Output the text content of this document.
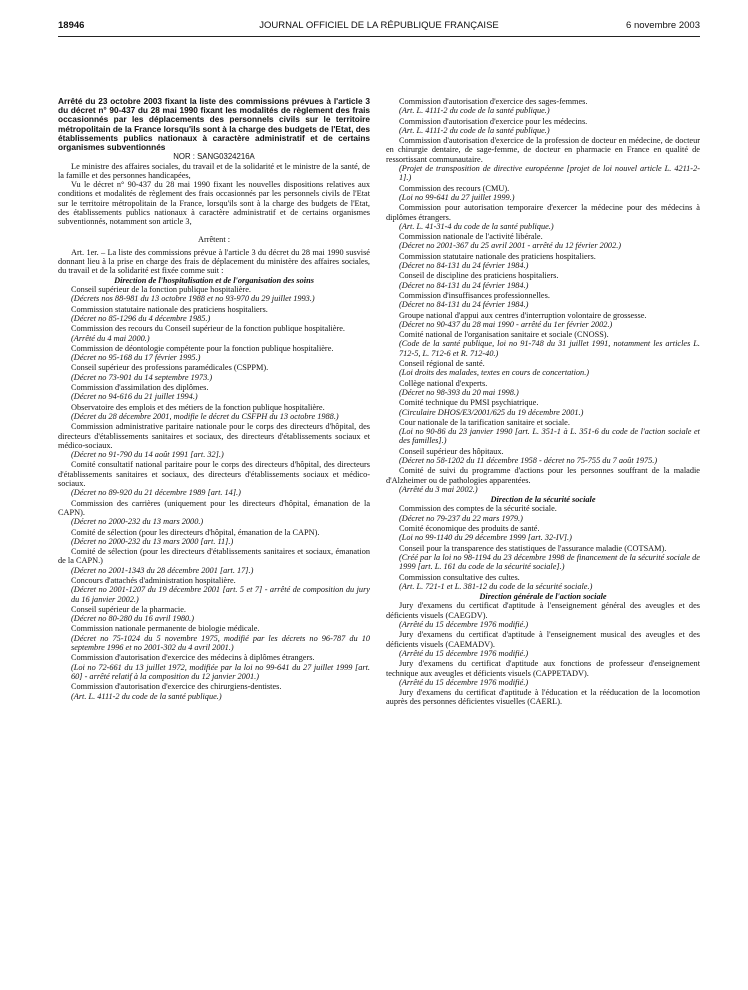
18946	JOURNAL OFFICIEL DE LA RÉPUBLIQUE FRANÇAISE	6 novembre 2003

Arrêté du 23 octobre 2003 fixant la liste des commissions prévues à l'article 3 du décret n° 90-437 du 28 mai 1990 fixant les modalités de règlement des frais occasionnés par les déplacements des personnels civils sur le territoire métropolitain de la France lorsqu'ils sont à la charge des budgets de l'Etat, des établissements publics nationaux à caractère administratif et de certains organismes subventionnés

NOR : SANG0324216A

Le ministre des affaires sociales, du travail et de la solidarité et le ministre de la santé, de la famille et des personnes handicapées,

Vu le décret n° 90-437 du 28 mai 1990 fixant les nouvelles dispositions relatives aux conditions et modalités de règlement des frais occasionnés par les personnels civils de l'Etat sur le territoire métropolitain de la France, lorsqu'ils sont à la charge des budgets de l'Etat, des établissements publics nationaux à caractère administratif et de certains organismes subventionnés, notamment son article 3,

Arrêtent :

Art. 1er. – La liste des commissions prévue à l'article 3 du décret du 28 mai 1990 susvisé donnant lieu à la prise en charge des frais de déplacement du ministère des affaires sociales, du travail et de la solidarité est fixée comme suit :

Direction de l'hospitalisation et de l'organisation des soins

Conseil supérieur de la fonction publique hospitalière.

(Décrets nos 88-981 du 13 octobre 1988 et no 93-970 du 29 juillet 1993.)

Commission statutaire nationale des praticiens hospitaliers.

(Décret no 85-1296 du 4 décembre 1985.)

Commission des recours du Conseil supérieur de la fonction publique hospitalière.

(Arrêté du 4 mai 2000.)

Commission de déontologie compétente pour la fonction publique hospitalière.

(Décret no 95-168 du 17 février 1995.)

Conseil supérieur des professions paramédicales (CSPPM).

(Décret no 73-901 du 14 septembre 1973.)

Commission d'assimilation des diplômes.

(Décret no 94-616 du 21 juillet 1994.)

Observatoire des emplois et des métiers de la fonction publique hospitalière.

(Décret du 28 décembre 2001, modifie le décret du CSFPH du 13 octobre 1988.)

Commission administrative paritaire nationale pour le corps des directeurs d'hôpital, des directeurs d'établissements sanitaires et sociaux, des directeurs d'établissements sociaux et médico-sociaux.

(Décret no 91-790 du 14 août 1991 [art. 32].)

Comité consultatif national paritaire pour le corps des directeurs d'hôpital, des directeurs d'établissements sanitaires et sociaux, des directeurs d'établissements sociaux et médico-sociaux.

(Décret no 89-920 du 21 décembre 1989 [art. 14].)

Commission des carrières (uniquement pour les directeurs d'hôpital, émanation de la CAPN).

(Décret no 2000-232 du 13 mars 2000.)

Comité de sélection (pour les directeurs d'hôpital, émanation de la CAPN).

(Décret no 2000-232 du 13 mars 2000 [art. 11].)

Comité de sélection (pour les directeurs d'établissements sanitaires et sociaux, émanation de la CAPN.)

(Décret no 2001-1343 du 28 décembre 2001 [art. 17].)

Concours d'attachés d'administration hospitalière.

(Décret no 2001-1207 du 19 décembre 2001 [art. 5 et 7] - arrêté de composition du jury du 16 janvier 2002.)

Conseil supérieur de la pharmacie.

(Décret no 80-280 du 16 avril 1980.)

Commission nationale permanente de biologie médicale.

(Décret no 75-1024 du 5 novembre 1975, modifié par les décrets no 96-787 du 10 septembre 1996 et no 2001-302 du 4 avril 2001.)

Commission d'autorisation d'exercice des médecins à diplômes étrangers.

(Loi no 72-661 du 13 juillet 1972, modifiée par la loi no 99-641 du 27 juillet 1999 [art. 60] - arrêté relatif à la composition du 12 janvier 2001.)

Commission d'autorisation d'exercice des chirurgiens-dentistes.

(Art. L. 4111-2 du code de la santé publique.)

Commission d'autorisation d'exercice des sages-femmes.

(Art. L. 4111-2 du code de la santé publique.)

Commission d'autorisation d'exercice pour les médecins.

(Art. L. 4111-2 du code de la santé publique.)

Commission d'autorisation d'exercice de la profession de docteur en médecine, de docteur en chirurgie dentaire, de sage-femme, de docteur en pharmacie en France en qualité de ressortissant communautaire.

(Projet de transposition de directive européenne [projet de loi nouvel article L. 4211-2-1].)

Commission des recours (CMU).

(Loi no 99-641 du 27 juillet 1999.)

Commission pour autorisation temporaire d'exercer la médecine pour des médecins à diplômes étrangers.

(Art. L. 41-31-4 du code de la santé publique.)

Commission nationale de l'activité libérale.

(Décret no 2001-367 du 25 avril 2001 - arrêté du 12 février 2002.)

Commission statutaire nationale des praticiens hospitaliers.

(Décret no 84-131 du 24 février 1984.)

Conseil de discipline des praticiens hospitaliers.

(Décret no 84-131 du 24 février 1984.)

Commission d'insuffisances professionnelles.

(Décret no 84-131 du 24 février 1984.)

Groupe national d'appui aux centres d'interruption volontaire de grossesse.

(Décret no 90-437 du 28 mai 1990 - arrêté du 1er février 2002.)

Comité national de l'organisation sanitaire et sociale (CNOSS).

(Code de la santé publique, loi no 91-748 du 31 juillet 1991, notamment les articles L. 712-5, L. 712-6 et R. 712-40.)

Conseil régional de santé.

(Loi droits des malades, textes en cours de concertation.)

Collège national d'experts.

(Décret no 98-393 du 20 mai 1998.)

Comité technique du PMSI psychiatrique.

(Circulaire DHOS/E3/2001/625 du 19 décembre 2001.)

Cour nationale de la tarification sanitaire et sociale.

(Loi no 90-86 du 23 janvier 1990 [art. L. 351-1 à L. 351-6 du code de l'action sociale et des familles].)

Conseil supérieur des hôpitaux.

(Décret no 58-1202 du 11 décembre 1958 - décret no 75-755 du 7 août 1975.)

Comité de suivi du programme d'actions pour les personnes souffrant de la maladie d'Alzheimer ou de pathologies apparentées.

(Arrêté du 3 mai 2002.)

Direction de la sécurité sociale

Commission des comptes de la sécurité sociale.

(Décret no 79-237 du 22 mars 1979.)

Comité économique des produits de santé.

(Loi no 99-1140 du 29 décembre 1999 [art. 32-IV].)

Conseil pour la transparence des statistiques de l'assurance maladie (COTSAM).

(Créé par la loi no 98-1194 du 23 décembre 1998 de financement de la sécurité sociale de 1999 [art. L. 161 du code de la sécurité sociale].)

Commission consultative des cultes.

(Art. L. 721-1 et L. 381-12 du code de la sécurité sociale.)

Direction générale de l'action sociale

Jury d'examens du certificat d'aptitude à l'enseignement général des aveugles et des déficients visuels (CAEGDV).

(Arrêté du 15 décembre 1976 modifié.)

Jury d'examens du certificat d'aptitude à l'enseignement musical des aveugles et des déficients visuels (CAEMADV).

(Arrêté du 15 décembre 1976 modifié.)

Jury d'examens du certificat d'aptitude aux fonctions de professeur d'enseignement technique aux aveugles et déficients visuels (CAPPETADV).

(Arrêté du 15 décembre 1976 modifié.)

Jury d'examens du certificat d'aptitude à l'éducation et la rééducation de la locomotion auprès des personnes déficientes visuelles (CAERL).
